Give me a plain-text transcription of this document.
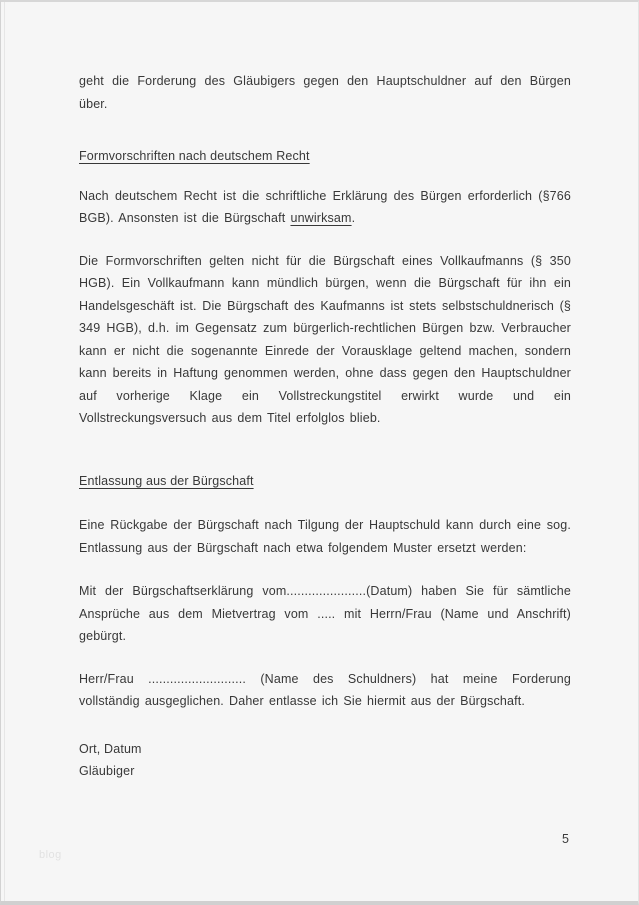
geht die Forderung des Gläubigers gegen den Hauptschuldner auf den Bürgen über.

Formvorschriften nach deutschem Recht

Nach deutschem Recht ist die schriftliche Erklärung des Bürgen erforderlich (§766 BGB). Ansonsten ist die Bürgschaft unwirksam.

Die Formvorschriften gelten nicht für die Bürgschaft eines Vollkaufmanns (§ 350 HGB). Ein Vollkaufmann kann mündlich bürgen, wenn die Bürgschaft für ihn ein Handelsgeschäft ist. Die Bürgschaft des Kaufmanns ist stets selbstschuldnerisch (§ 349 HGB), d.h. im Gegensatz zum bürgerlich-rechtlichen Bürgen bzw. Verbraucher kann er nicht die sogenannte Einrede der Vorausklage geltend machen, sondern kann bereits in Haftung genommen werden, ohne dass gegen den Hauptschuldner auf vorherige Klage ein Vollstreckungstitel erwirkt wurde und ein Vollstreckungsversuch aus dem Titel erfolglos blieb.

Entlassung aus der Bürgschaft

Eine Rückgabe der Bürgschaft nach Tilgung der Hauptschuld kann durch eine sog. Entlassung aus der Bürgschaft nach etwa folgendem Muster ersetzt werden:

Mit der Bürgschaftserklärung vom......................(Datum) haben Sie für sämtliche Ansprüche aus dem Mietvertrag vom ..... mit Herrn/Frau (Name und Anschrift) gebürgt.

Herr/Frau ........................... (Name des Schuldners) hat meine Forderung vollständig ausgeglichen. Daher entlasse ich Sie hiermit aus der Bürgschaft.

Ort, Datum

Gläubiger

5
blog
